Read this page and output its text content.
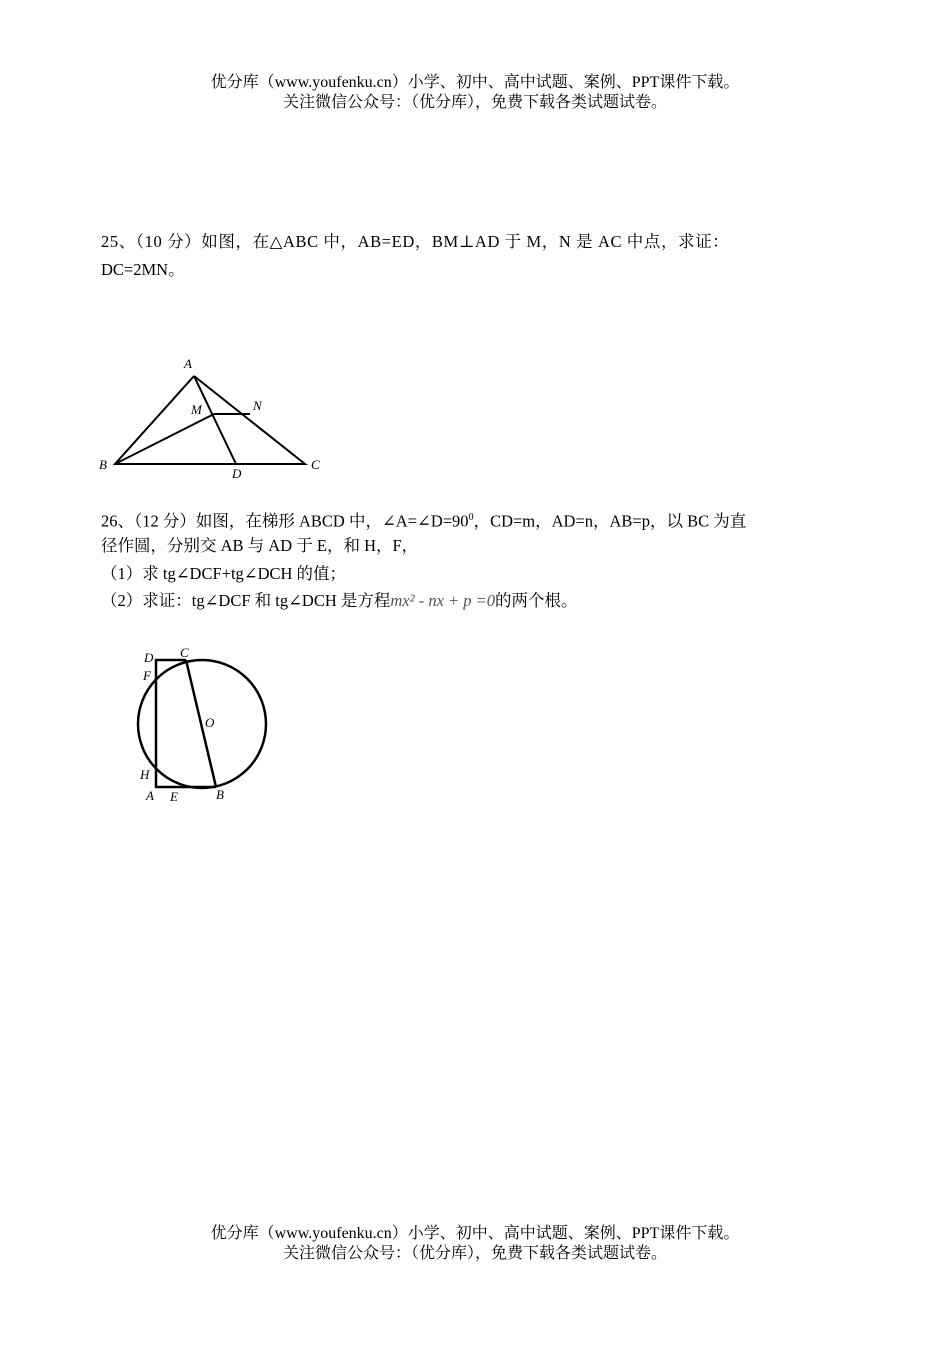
优分库（www.youfenku.cn）小学、初中、高中试题、案例、PPT课件下载。
关注微信公众号：（优分库），免费下载各类试题试卷。
25、（10 分）如图，在△ABC 中，AB=ED，BM⊥AD 于 M，N 是 AC 中点，求证：
DC=2MN。
A
M	N
B
D
C
26、（12 分）如图，在梯形 ABCD 中，$\angle A=\angle D=90^0$，CD=m，AD=n，AB=p，以 BC 为直
径作圆，分别交 AB 与 AD 于 E，和 H，F，
（1）求 tg∠DCF+tg∠DCH 的值；
（2）求证：tg∠DCF 和 tg∠DCH 是方程mx² - nx + p =0的两个根。
D C
F
O
H
A E	B
优分库（www.youfenku.cn）小学、初中、高中试题、案例、PPT课件下载。
关注微信公众号：（优分库），免费下载各类试题试卷。
